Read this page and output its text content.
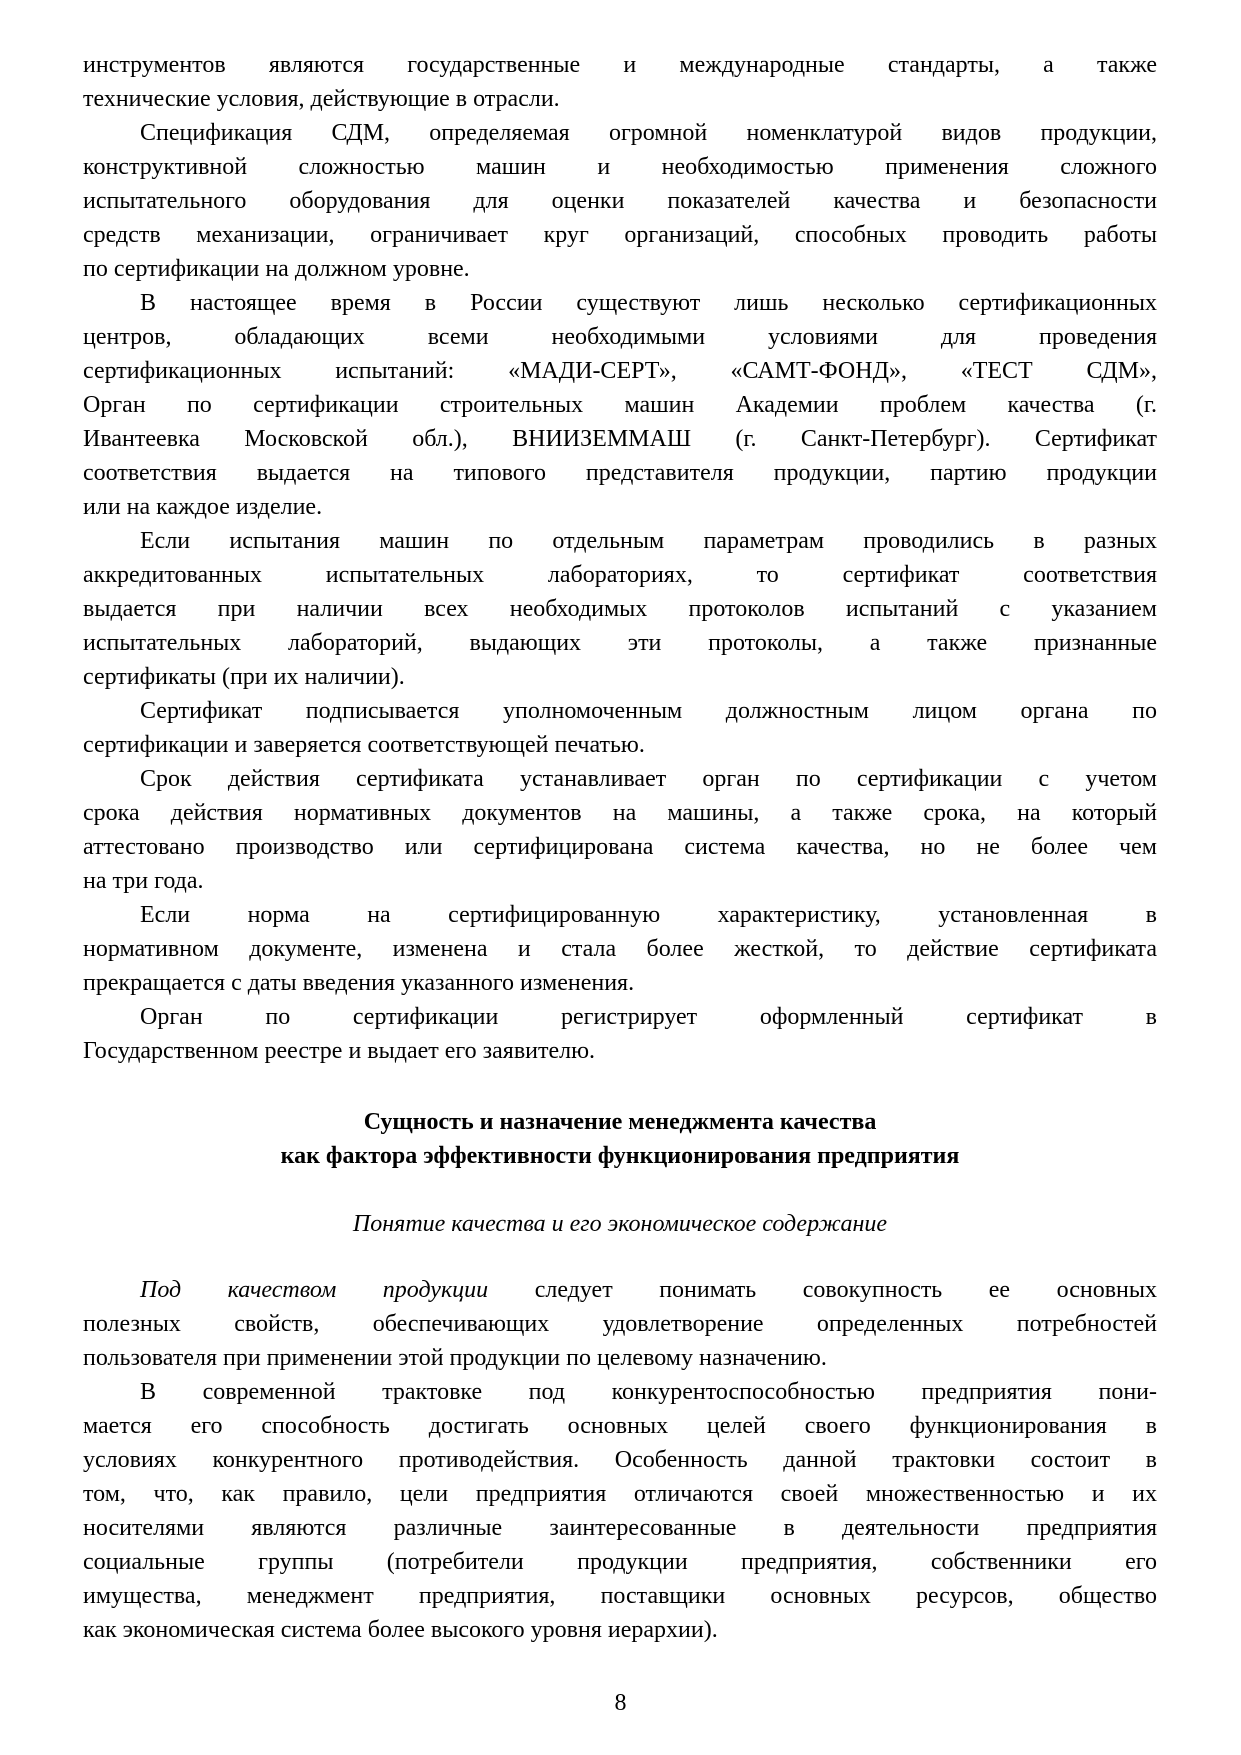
инструментов являются государственные и международные стандарты, а также
технические условия, действующие в отрасли.
Спецификация СДМ, определяемая огромной номенклатурой видов продукции,
конструктивной сложностью машин и необходимостью применения сложного
испытательного оборудования для оценки показателей качества и безопасности
средств механизации, ограничивает круг организаций, способных проводить работы
по сертификации на должном уровне.
В настоящее время в России существуют лишь несколько сертификационных
центров, обладающих всеми необходимыми условиями для проведения
сертификационных испытаний: «МАДИ-СЕРТ», «САМТ-ФОНД», «ТЕСТ СДМ»,
Орган по сертификации строительных машин Академии проблем качества (г.
Ивантеевка Московской обл.), ВНИИЗЕММАШ (г. Санкт-Петербург). Сертификат
соответствия выдается на типового представителя продукции, партию продукции
или на каждое изделие.
Если испытания машин по отдельным параметрам проводились в разных
аккредитованных испытательных лабораториях, то сертификат соответствия
выдается при наличии всех необходимых протоколов испытаний с указанием
испытательных лабораторий, выдающих эти протоколы, а также признанные
сертификаты (при их наличии).
Сертификат подписывается уполномоченным должностным лицом органа по
сертификации и заверяется соответствующей печатью.
Срок действия сертификата устанавливает орган по сертификации с учетом
срока действия нормативных документов на машины, а также срока, на который
аттестовано производство или сертифицирована система качества, но не более чем
на три года.
Если норма на сертифицированную характеристику, установленная в
нормативном документе, изменена и стала более жесткой, то действие сертификата
прекращается с даты введения указанного изменения.
Орган по сертификации регистрирует оформленный сертификат в
Государственном реестре и выдает его заявителю.
Сущность и назначение менеджмента качества
как фактора эффективности функционирования предприятия
Понятие качества и его экономическое содержание
Под качеством продукции следует понимать совокупность ее основных
полезных свойств, обеспечивающих удовлетворение определенных потребностей
пользователя при применении этой продукции по целевому назначению.
В современной трактовке под конкурентоспособностью предприятия пони-
мается его способность достигать основных целей своего функционирования в
условиях конкурентного противодействия. Особенность данной трактовки состоит в
том, что, как правило, цели предприятия отличаются своей множественностью и их
носителями являются различные заинтересованные в деятельности предприятия
социальные группы (потребители продукции предприятия, собственники его
имущества, менеджмент предприятия, поставщики основных ресурсов, общество
как экономическая система более высокого уровня иерархии).
8
